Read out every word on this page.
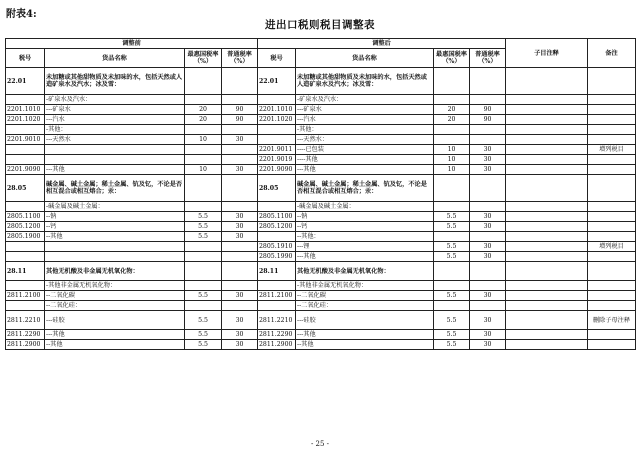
附表4:
进出口税则税目调整表
调整前				调整后				子目注释	备注
税号	货品名称	最惠国税率（%）	普通税率（%）	税号	货品名称	最惠国税率（%）	普通税率（%）		
22.01	未加糖或其他甜物质及未加味的水，包括天然或人造矿泉水及汽水；冰及雪：			22.01	未加糖或其他甜物质及未加味的水，包括天然或人造矿泉水及汽水；冰及雪：				
	-矿泉水及汽水：				-矿泉水及汽水：				
2201.1010	---矿泉水	20	90	2201.1010	---矿泉水	20	90		
2201.1020	---汽水	20	90	2201.1020	---汽水	20	90		
	-其他：				-其他：				
2201.9010	---天然水	10	30		---天然水：				
				2201.9011	----已包装	10	30		增列税目
				2201.9019	----其他	10	30		
2201.9090	---其他	10	30	2201.9090	---其他	10	30		
28.05	碱金属、碱土金属；稀土金属、钪及钇，不论是否相互混合或相互熔合；汞：			28.05	碱金属、碱土金属；稀土金属、钪及钇，不论是否相互混合或相互熔合；汞：				
	-碱金属及碱土金属：				-碱金属及碱土金属：				
2805.1100	--钠	5.5	30	2805.1100	--钠	5.5	30		
2805.1200	--钙	5.5	30	2805.1200	--钙	5.5	30		
2805.1900	--其他	5.5	30		--其他：				
				2805.1910	---锂	5.5	30		增列税目
				2805.1990	---其他	5.5	30		
28.11	其他无机酸及非金属无机氧化物：			28.11	其他无机酸及非金属无机氧化物：				
	-其他非金属无机氧化物：				-其他非金属无机氧化物：				
2811.2100	--二氧化碳	5.5	30	2811.2100	--二氧化碳	5.5	30		
	--二氧化硅：				--二氧化硅：				
2811.2210	---硅胶	5.5	30	2811.2210	---硅胶	5.5	30		删除子母注释
2811.2290	---其他	5.5	30	2811.2290	---其他	5.5	30		
2811.2900	--其他	5.5	30	2811.2900	--其他	5.5	30		
- 25 -
